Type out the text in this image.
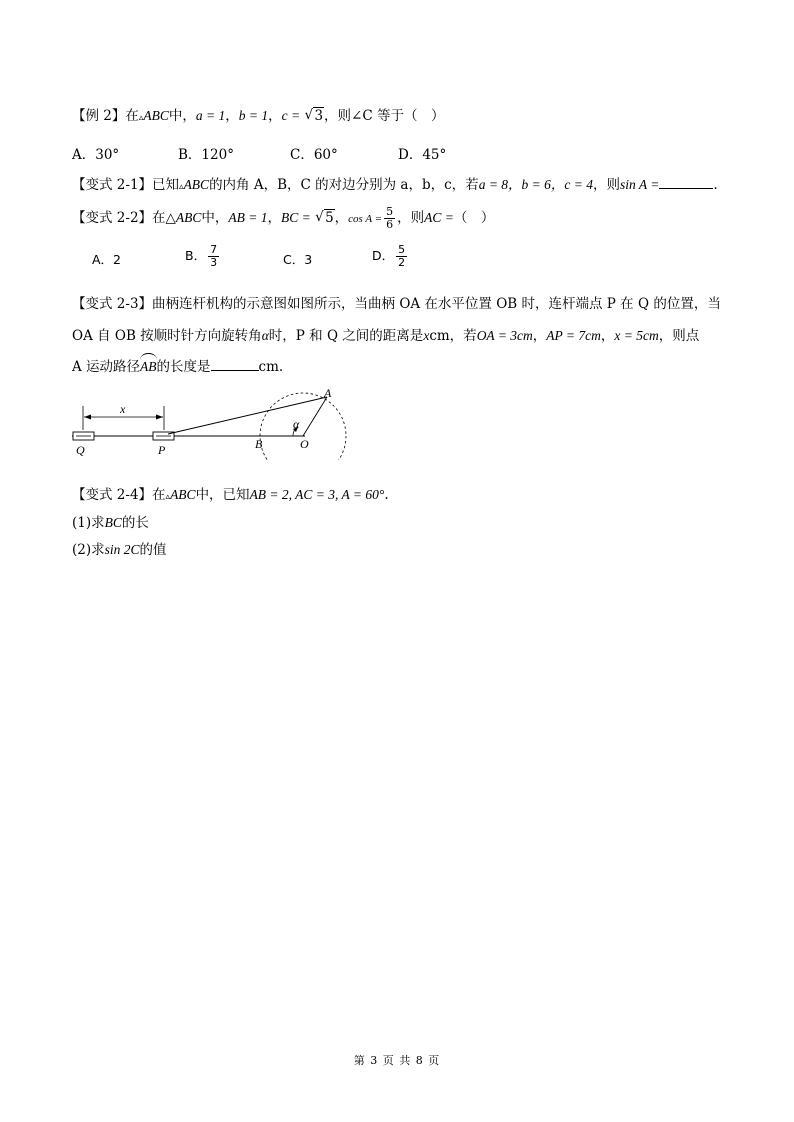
【例 2】在▵ABC中，a = 1，b = 1，c = √ 3，则∠C 等于（　）
A．30°	B．120°	C．60°	D．45°
【变式 2-1】已知▵ABC的内角 A，B，C 的对边分别为 a，b，c，若a = 8，b = 6，c = 4，则sin A =	.
【变式 2-2】在△ABC中，AB = 1，BC = √ 5，$\cos A = \frac{5}{6}$ ，则AC =（　）
A．2	B． $\frac{7}{3}$	C．3	D． $\frac{5}{2}$
【变式 2-3】曲柄连杆机构的示意图如图所示，当曲柄 OA 在水平位置 OB 时，连杆端点 P 在 Q 的位置，当
OA 自 OB 按顺时针方向旋转角α时，P 和 Q 之间的距离是xcm，若OA = 3cm，AP = 7cm，x = 5cm，则点
A 运动路径AB的长度是	cm.
x
Q	P	B	O
A
α
【变式 2-4】在▵ABC中，已知AB = 2, AC = 3, A = 60°.
(1)求BC的长
(2)求sin 2C的值
第 3 页 共 8 页
